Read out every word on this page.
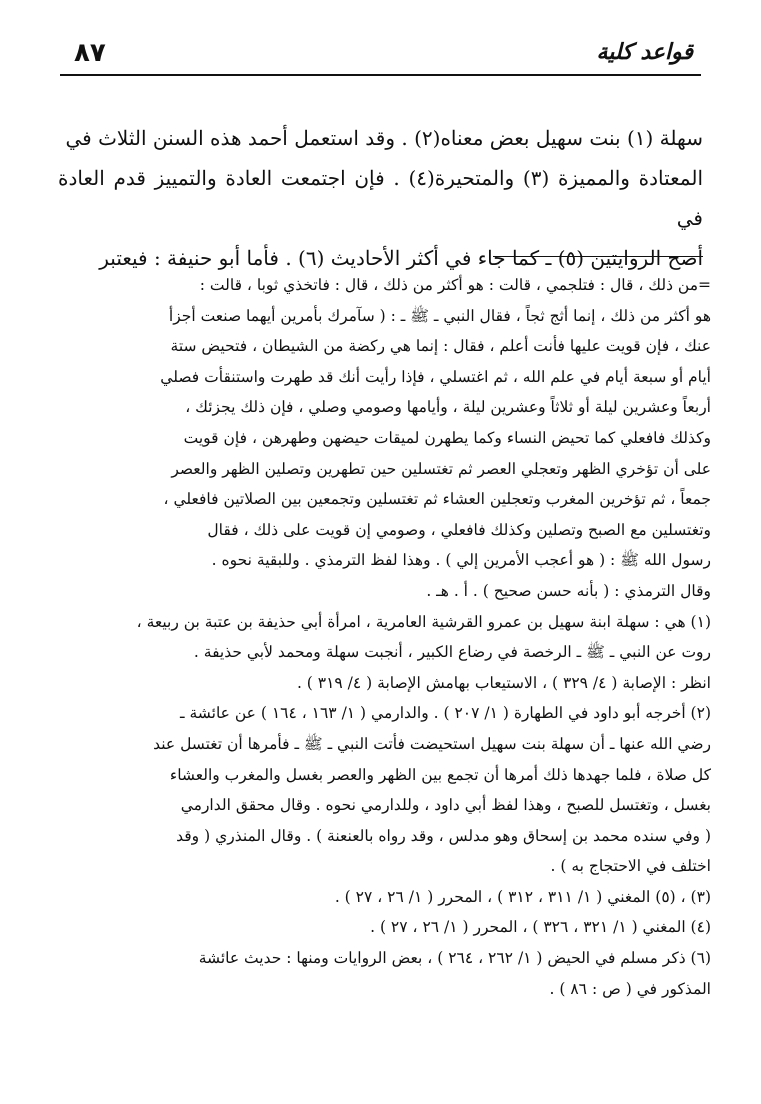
٨٧	قواعد كلية

سهلة (١) بنت سهيل بعض معناه(٢) . وقد استعمل أحمد هذه السنن الثلاث في

المعتادة والمميزة (٣) والمتحيرة(٤) . فإن اجتمعت العادة والتمييز قدم العادة في

أصح الروايتين (٥) ـ كما جاء في أكثر الأحاديث (٦) . فأما أبو حنيفة : فيعتبر

=من ذلك ، قال : فتلجمي ، قالت : هو أكثر من ذلك ، قال : فاتخذي ثوبا ، قالت :

هو أكثر من ذلك ، إنما أثج ثجاً ، فقال النبي ـ ﷺ ـ : ( سآمرك بأمرين أيهما صنعت أجزأ

عنك ، فإن قويت عليها فأنت أعلم ، فقال : إنما هي ركضة من الشيطان ، فتحيض ستة

أيام أو سبعة أيام في علم الله ، ثم اغتسلي ، فإذا رأيت أنك قد طهرت واستنقأت فصلي

أربعاً وعشرين ليلة أو ثلاثاً وعشرين ليلة ، وأيامها وصومي وصلي ، فإن ذلك يجزئك ،

وكذلك فافعلي كما تحيض النساء وكما يطهرن لميقات حيضهن وطهرهن ، فإن قويت

على أن تؤخري الظهر وتعجلي العصر ثم تغتسلين حين تطهرين وتصلين الظهر والعصر

جمعاً ، ثم تؤخرين المغرب وتعجلين العشاء ثم تغتسلين وتجمعين بين الصلاتين فافعلي ،

وتغتسلين مع الصبح وتصلين وكذلك فافعلي ، وصومي إن قويت على ذلك ، فقال

رسول الله ﷺ : ( هو أعجب الأمرين إلي ) . وهذا لفظ الترمذي . وللبقية نحوه .

وقال الترمذي : ( بأنه حسن صحيح ) . أ . هـ .

(١) هي : سهلة ابنة سهيل بن عمرو القرشية العامرية ، امرأة أبي حذيفة بن عتبة بن ربيعة ،

روت عن النبي ـ ﷺ ـ الرخصة في رضاع الكبير ، أنجبت سهلة ومحمد لأبي حذيفة .

انظر : الإصابة ( ٤/ ٣٢٩ ) ، الاستيعاب بهامش الإصابة ( ٤/ ٣١٩ ) .

(٢) أخرجه أبو داود في الطهارة ( ١/ ٢٠٧ ) . والدارمي ( ١/ ١٦٣ ، ١٦٤ ) عن عائشة ـ

رضي الله عنها ـ أن سهلة بنت سهيل استحيضت فأتت النبي ـ ﷺ ـ فأمرها أن تغتسل عند

كل صلاة ، فلما جهدها ذلك أمرها أن تجمع بين الظهر والعصر بغسل والمغرب والعشاء

بغسل ، وتغتسل للصبح ، وهذا لفظ أبي داود ، وللدارمي نحوه . وقال محقق الدارمي

( وفي سنده محمد بن إسحاق وهو مدلس ، وقد رواه بالعنعنة ) . وقال المنذري ( وقد

اختلف في الاحتجاج به ) .

(٣) ، (٥) المغني ( ١/ ٣١١ ، ٣١٢ ) ، المحرر ( ١/ ٢٦ ، ٢٧ ) .

(٤) المغني ( ١/ ٣٢١ ، ٣٢٦ ) ، المحرر ( ١/ ٢٦ ، ٢٧ ) .

(٦) ذكر مسلم في الحيض ( ١/ ٢٦٢ ، ٢٦٤ ) ، بعض الروايات ومنها : حديث عائشة

المذكور في ( ص : ٨٦ ) .
